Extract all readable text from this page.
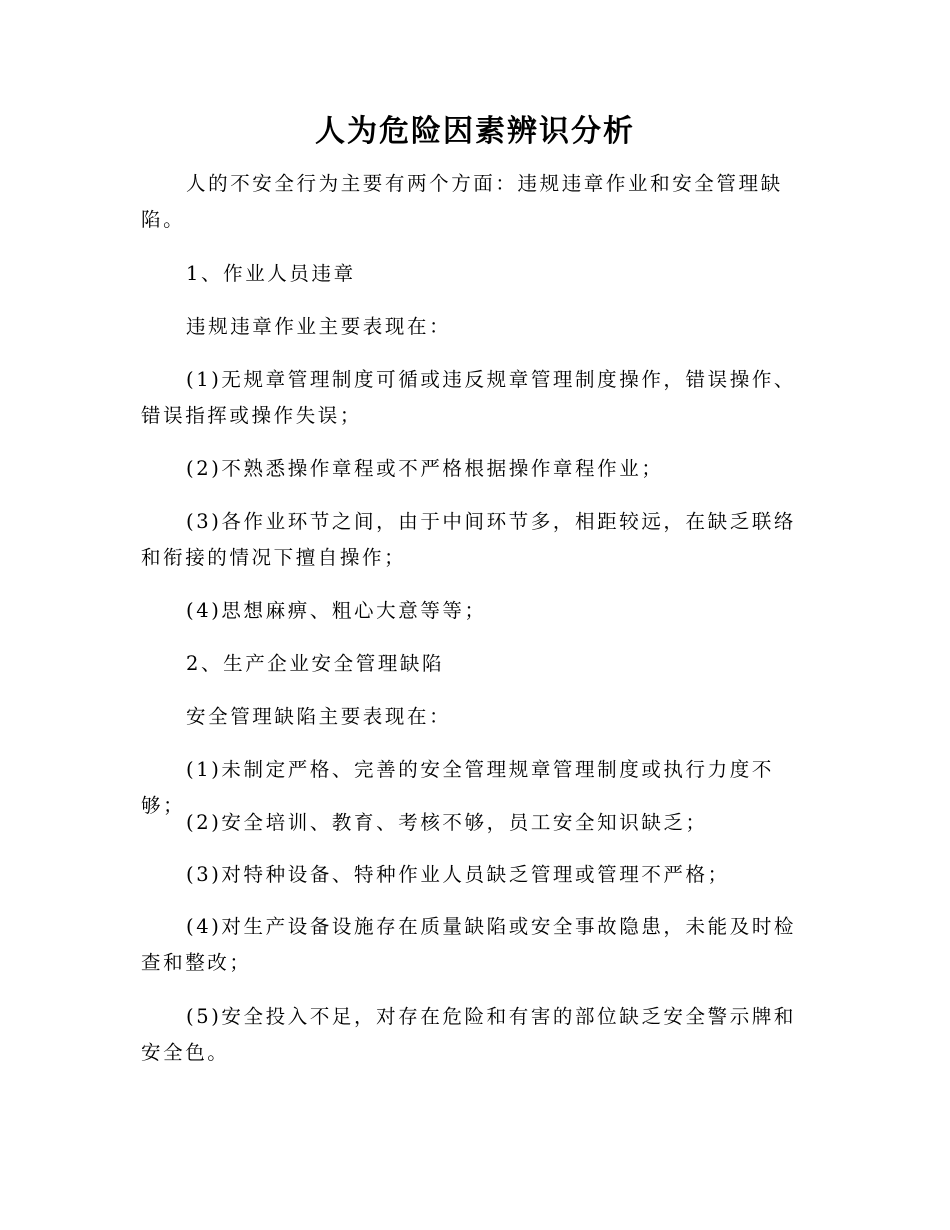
人为危险因素辨识分析

人的不安全行为主要有两个方面：违规违章作业和安全管理缺陷。

1、作业人员违章

违规违章作业主要表现在：

(1)无规章管理制度可循或违反规章管理制度操作，错误操作、错误指挥或操作失误；

(2)不熟悉操作章程或不严格根据操作章程作业；

(3)各作业环节之间，由于中间环节多，相距较远，在缺乏联络和衔接的情况下擅自操作；

(4)思想麻痹、粗心大意等等；

2、生产企业安全管理缺陷

安全管理缺陷主要表现在：

(1)未制定严格、完善的安全管理规章管理制度或执行力度不够；

(2)安全培训、教育、考核不够，员工安全知识缺乏；

(3)对特种设备、特种作业人员缺乏管理或管理不严格；

(4)对生产设备设施存在质量缺陷或安全事故隐患，未能及时检查和整改；

(5)安全投入不足，对存在危险和有害的部位缺乏安全警示牌和安全色。
